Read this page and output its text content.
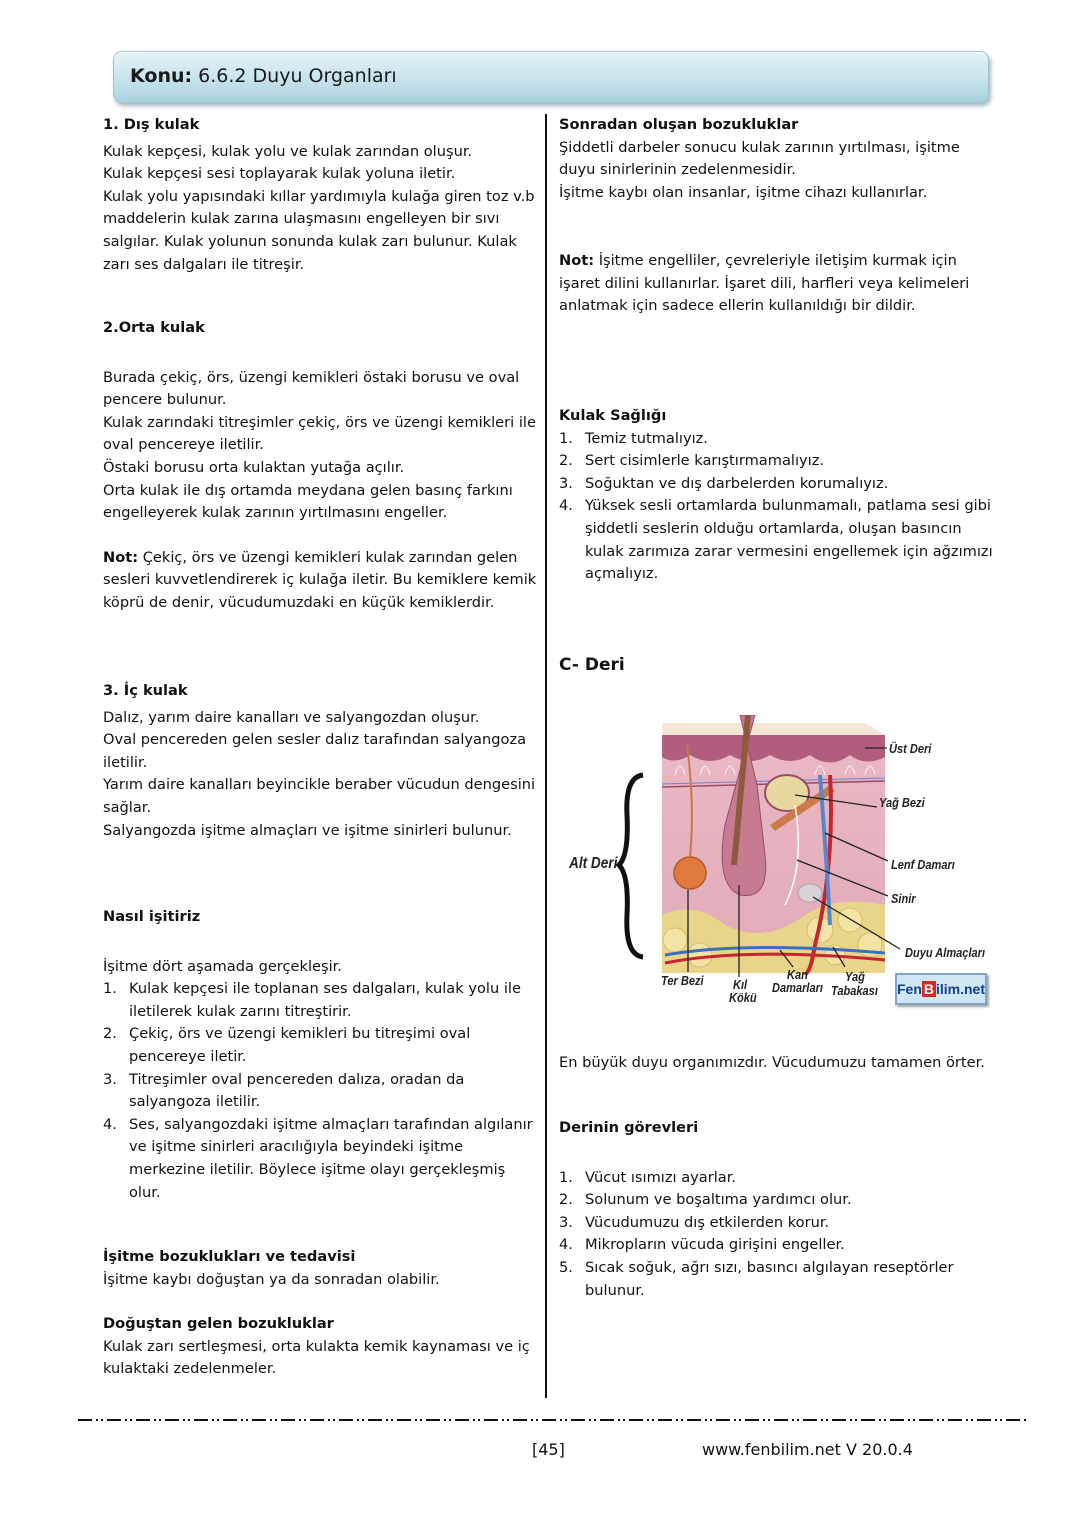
Konu: 6.6.2 Duyu Organları
1. Dış kulak
Kulak kepçesi, kulak yolu ve kulak zarından oluşur.
Kulak kepçesi sesi toplayarak kulak yoluna iletir.
Kulak yolu yapısındaki kıllar yardımıyla kulağa giren toz v.b maddelerin kulak zarına ulaşmasını engelleyen bir sıvı salgılar. Kulak yolunun sonunda kulak zarı bulunur. Kulak zarı ses dalgaları ile titreşir.
2.Orta kulak
Burada çekiç, örs, üzengi kemikleri östaki borusu ve oval pencere bulunur.
Kulak zarındaki titreşimler çekiç, örs ve üzengi kemikleri ile oval pencereye iletilir.
Östaki borusu orta kulaktan yutağa açılır.
Orta kulak ile dış ortamda meydana gelen basınç farkını engelleyerek kulak zarının yırtılmasını engeller.
Not: Çekiç, örs ve üzengi kemikleri kulak zarından gelen sesleri kuvvetlendirerek iç kulağa iletir. Bu kemiklere kemik köprü de denir, vücudumuzdaki en küçük kemiklerdir.
3. İç kulak
Dalız, yarım daire kanalları ve salyangozdan oluşur.
Oval pencereden gelen sesler dalız tarafından salyangoza iletilir.
Yarım daire kanalları beyincikle beraber vücudun dengesini sağlar.
Salyangozda işitme almaçları ve işitme sinirleri bulunur.
Nasıl işitiriz
İşitme dört aşamada gerçekleşir.
1. Kulak kepçesi ile toplanan ses dalgaları, kulak yolu ile iletilerek kulak zarını titreştirir.
2. Çekiç, örs ve üzengi kemikleri bu titreşimi oval pencereye iletir.
3. Titreşimler oval pencereden dalıza, oradan da salyangoza iletilir.
4. Ses, salyangozdaki işitme almaçları tarafından algılanır ve işitme sinirleri aracılığıyla beyindeki işitme merkezine iletilir. Böylece işitme olayı gerçekleşmiş olur.
İşitme bozuklukları ve tedavisi
İşitme kaybı doğuştan ya da sonradan olabilir.
Doğuştan gelen bozukluklar
Kulak zarı sertleşmesi, orta kulakta kemik kaynaması ve iç kulaktaki zedelenmeler.
Sonradan oluşan bozukluklar
Şiddetli darbeler sonucu kulak zarının yırtılması, işitme duyu sinirlerinin zedelenmesidir.
İşitme kaybı olan insanlar, işitme cihazı kullanırlar.
Not: İşitme engelliler, çevreleriyle iletişim kurmak için işaret dilini kullanırlar. İşaret dili, harfleri veya kelimeleri anlatmak için sadece ellerin kullanıldığı bir dildir.
Kulak Sağlığı
1. Temiz tutmalıyız.
2. Sert cisimlerle karıştırmamalıyız.
3. Soğuktan ve dış darbelerden korumalıyız.
4. Yüksek sesli ortamlarda bulunmamalı, patlama sesi gibi şiddetli seslerin olduğu ortamlarda, oluşan basıncın kulak zarımıza zarar vermesini engellemek için ağzımızı açmalıyız.
C- Deri
En büyük duyu organımızdır. Vücudumuzu tamamen örter.
Derinin görevleri
1. Vücut ısımızı ayarlar.
2. Solunum ve boşaltıma yardımcı olur.
3. Vücudumuzu dış etkilerden korur.
4. Mikropların vücuda girişini engeller.
5. Sıcak soğuk, ağrı sızı, basıncı algılayan reseptörler bulunur.
Üst Deri
Yağ Bezi
Alt Deri	Lenf Damarı
Sinir
Duyu Almaçları
Ter Bezi Kıl
Kökü
Kan
Damarları
Yağ
Tabakası Fen B ilim.net
[45]	www.fenbilim.net V 20.0.4
